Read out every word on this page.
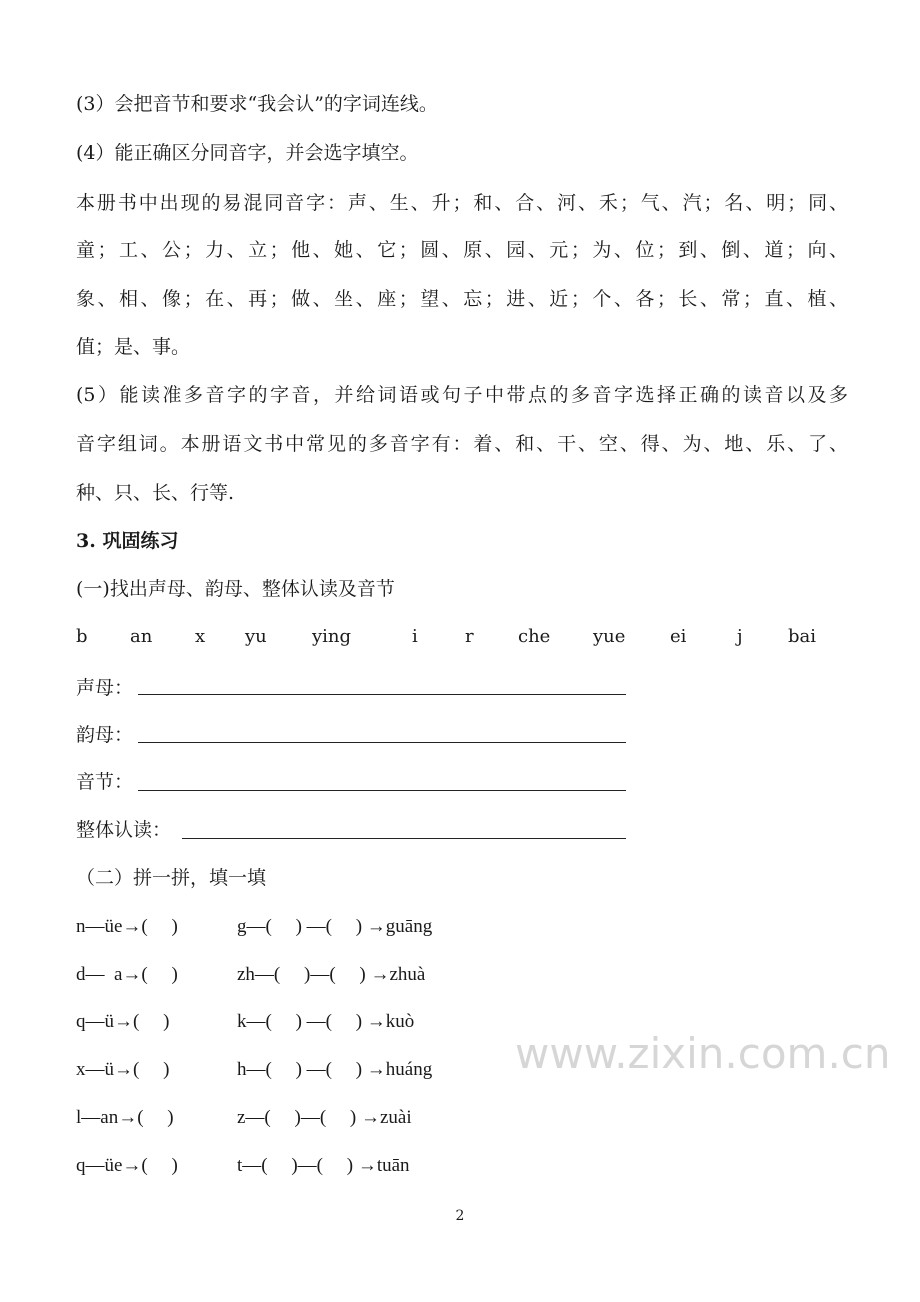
www.zixin.com.cn
(3）会把音节和要求“我会认”的字词连线。
(4）能正确区分同音字，并会选字填空。
本册书中出现的易混同音字：声、生、升；和、合、河、禾；气、汽；名、明；同、
童；工、公；力、立；他、她、它；圆、原、园、元；为、位；到、倒、道；向、
象、相、像；在、再；做、坐、座；望、忘；进、近；个、各；长、常；直、植、
值；是、事。
(5）能读准多音字的字音，并给词语或句子中带点的多音字选择正确的读音以及多
音字组词。本册语文书中常见的多音字有：着、和、干、空、得、为、地、乐、了、
种、只、长、行等.
3. 巩固练习
(一)找出声母、韵母、整体认读及音节
b an x yu	ying	i	r che yue ei	j	bai
声母：
韵母：
音节：
整体认读：
（二）拼一拼，填一填
n—üe→(     )	g—(     ) —(     ) →guāng
d—  a→(     )	zh—(     )—(     ) →zhuà
q—ü→(     )	k—(     ) —(     ) →kuò
x—ü→(     )	h—(     ) —(     ) →huáng
l—an→(     )	z—(     )—(     ) →zuài
q—üe→(     )	t—(     )—(     ) →tuān
2
